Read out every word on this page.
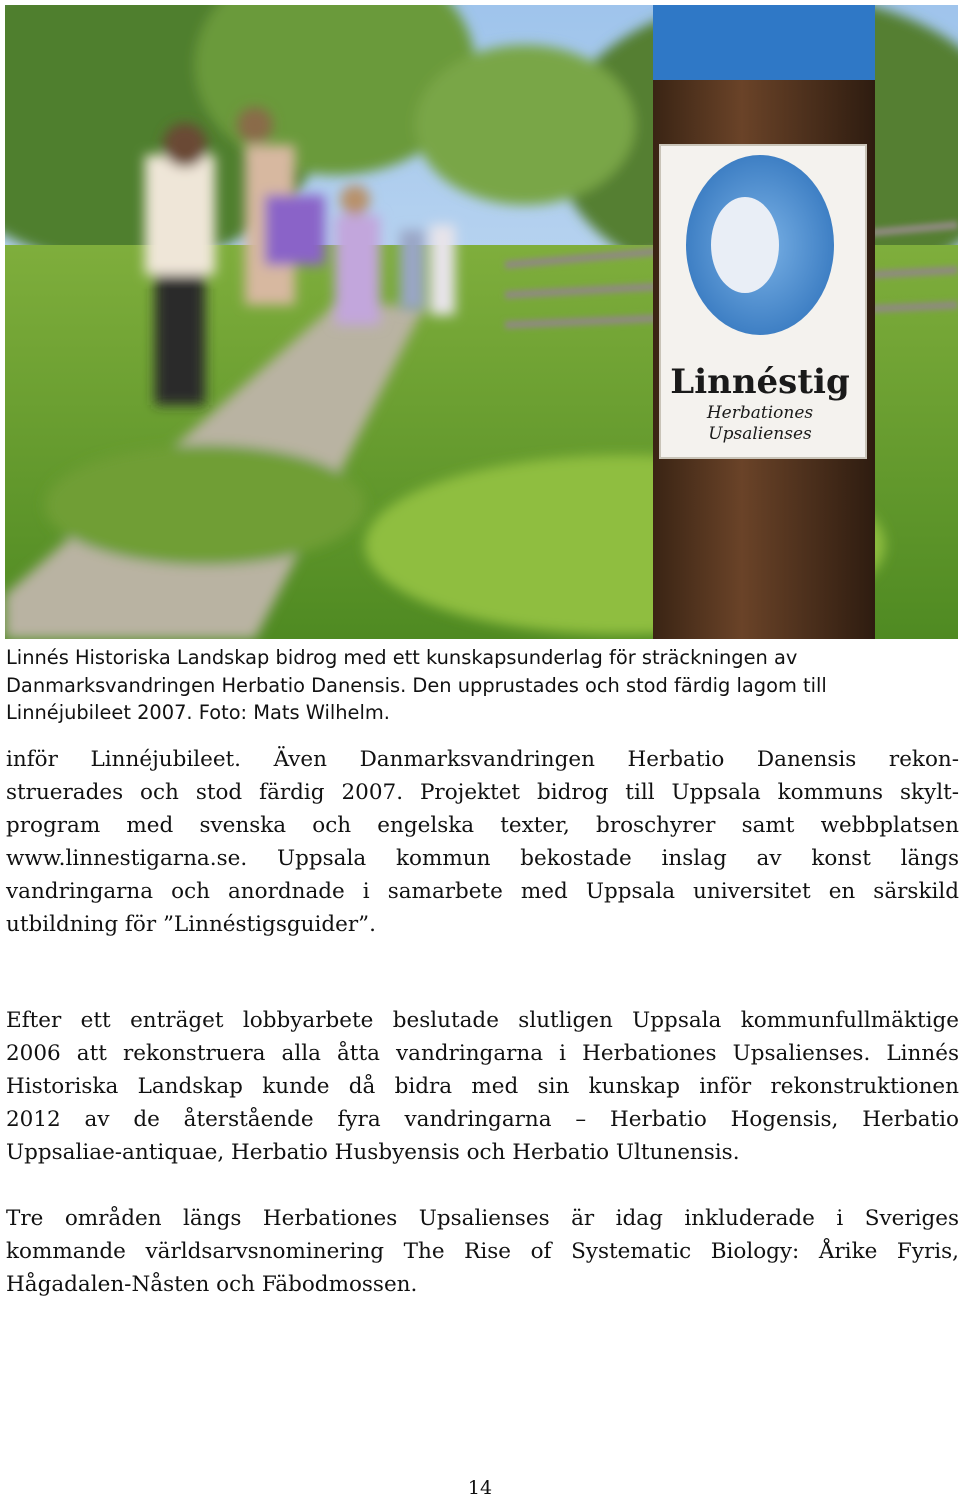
Linnéstig
Herbationes
Upsalienses
Linnés Historiska Landskap bidrog med ett kunskapsunderlag för sträckningen av
Danmarksvandringen Herbatio Danensis. Den upprustades och stod färdig lagom till
Linnéjubileet 2007. Foto: Mats Wilhelm.
inför Linnéjubileet. Även Danmarksvandringen Herbatio Danensis rekon-
struerades och stod färdig 2007. Projektet bidrog till Uppsala kommuns skylt-
program med svenska och engelska texter, broschyrer samt webbplatsen
www.linnestigarna.se. Uppsala kommun bekostade inslag av konst längs
vandringarna och anordnade i samarbete med Uppsala universitet en särskild
utbildning för ”Linnéstigsguider”.
Efter ett enträget lobbyarbete beslutade slutligen Uppsala kommunfullmäktige
2006 att rekonstruera alla åtta vandringarna i Herbationes Upsalienses. Linnés
Historiska Landskap kunde då bidra med sin kunskap inför rekonstruktionen
2012 av de återstående fyra vandringarna – Herbatio Hogensis, Herbatio
Uppsaliae-antiquae, Herbatio Husbyensis och Herbatio Ultunensis.
Tre områden längs Herbationes Upsalienses är idag inkluderade i Sveriges
kommande världsarvsnominering The Rise of Systematic Biology: Årike Fyris,
Hågadalen-Nåsten och Fäbodmossen.
14
